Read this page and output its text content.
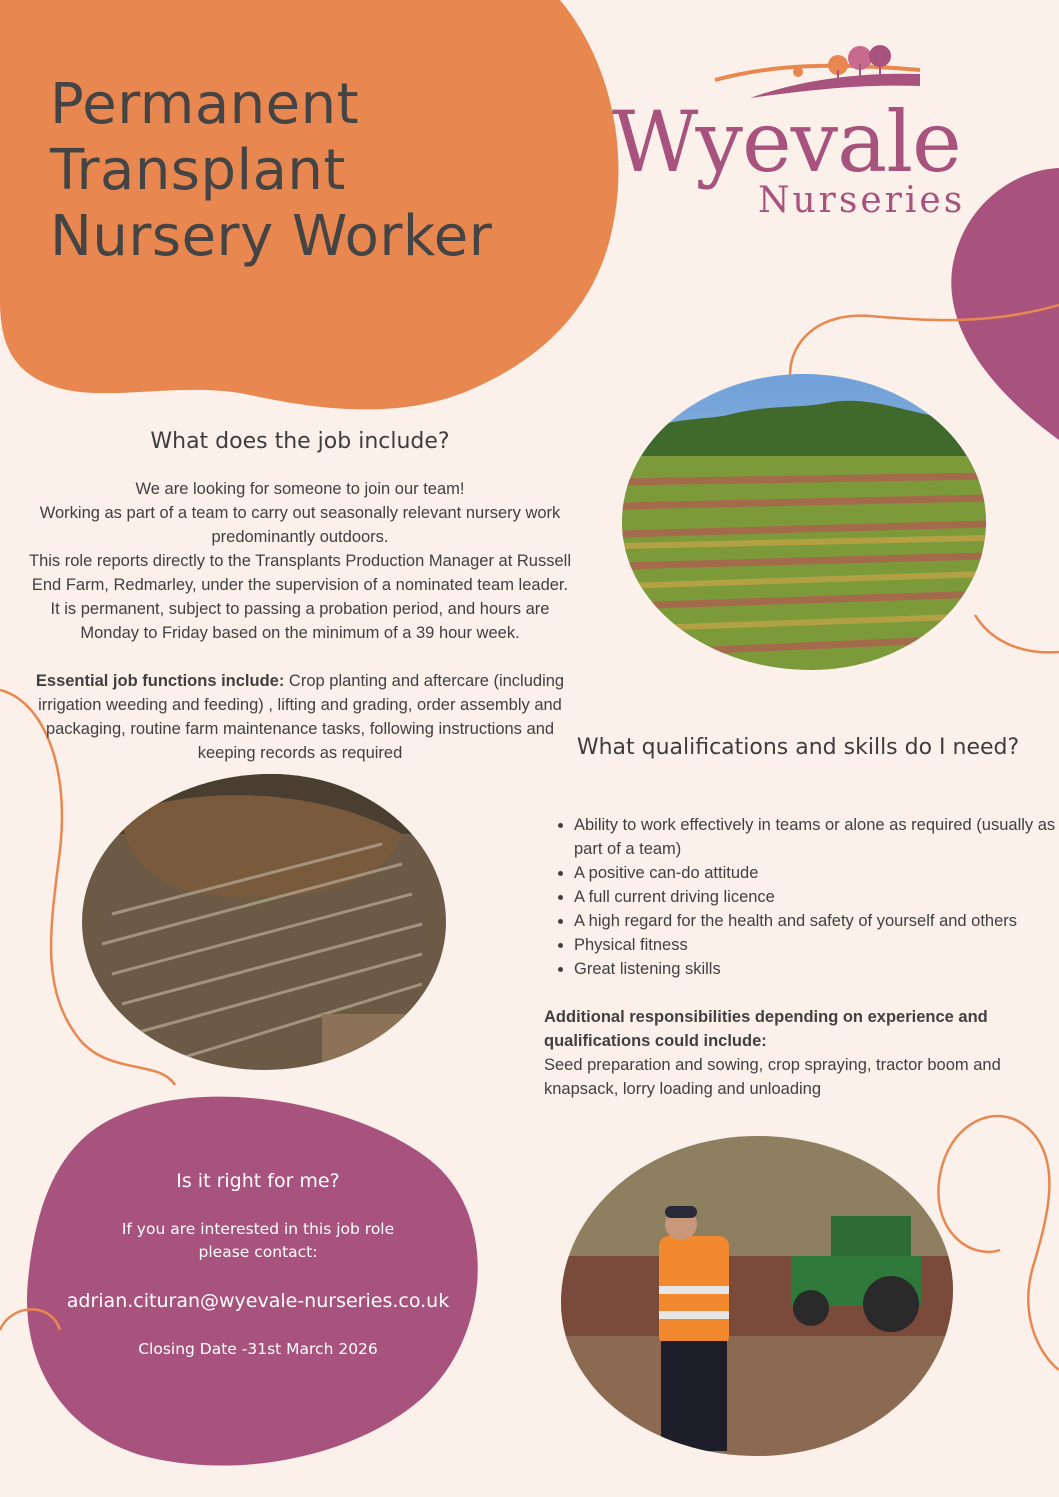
Permanent
Transplant
Nursery Worker
Wyevale
Nurseries
What does the job include?

We are looking for someone to join our team!

Working as part of a team to carry out seasonally relevant nursery work predominantly outdoors.

This role reports directly to the Transplants Production Manager at Russell End Farm, Redmarley, under the supervision of a nominated team leader.

It is permanent, subject to passing a probation period, and hours are Monday to Friday based on the minimum of a 39 hour week.

Essential job functions include: Crop planting and aftercare (including irrigation weeding and feeding) , lifting and grading, order assembly and packaging, routine farm maintenance tasks, following instructions and keeping records as required	What qualifications and skills do I need?
• Ability to work effectively in teams or alone as required (usually as part of a team)
• A positive can-do attitude
• A full current driving licence
• A high regard for the health and safety of yourself and others
• Physical fitness
• Great listening skills
Additional responsibilities depending on experience and qualifications could include:
Seed preparation and sowing, crop spraying, tractor boom and knapsack, lorry loading and unloading
Is it right for me?
If you are interested in this job role please contact:
adrian.cituran@wyevale-nurseries.co.uk
Closing Date -31st March 2026
